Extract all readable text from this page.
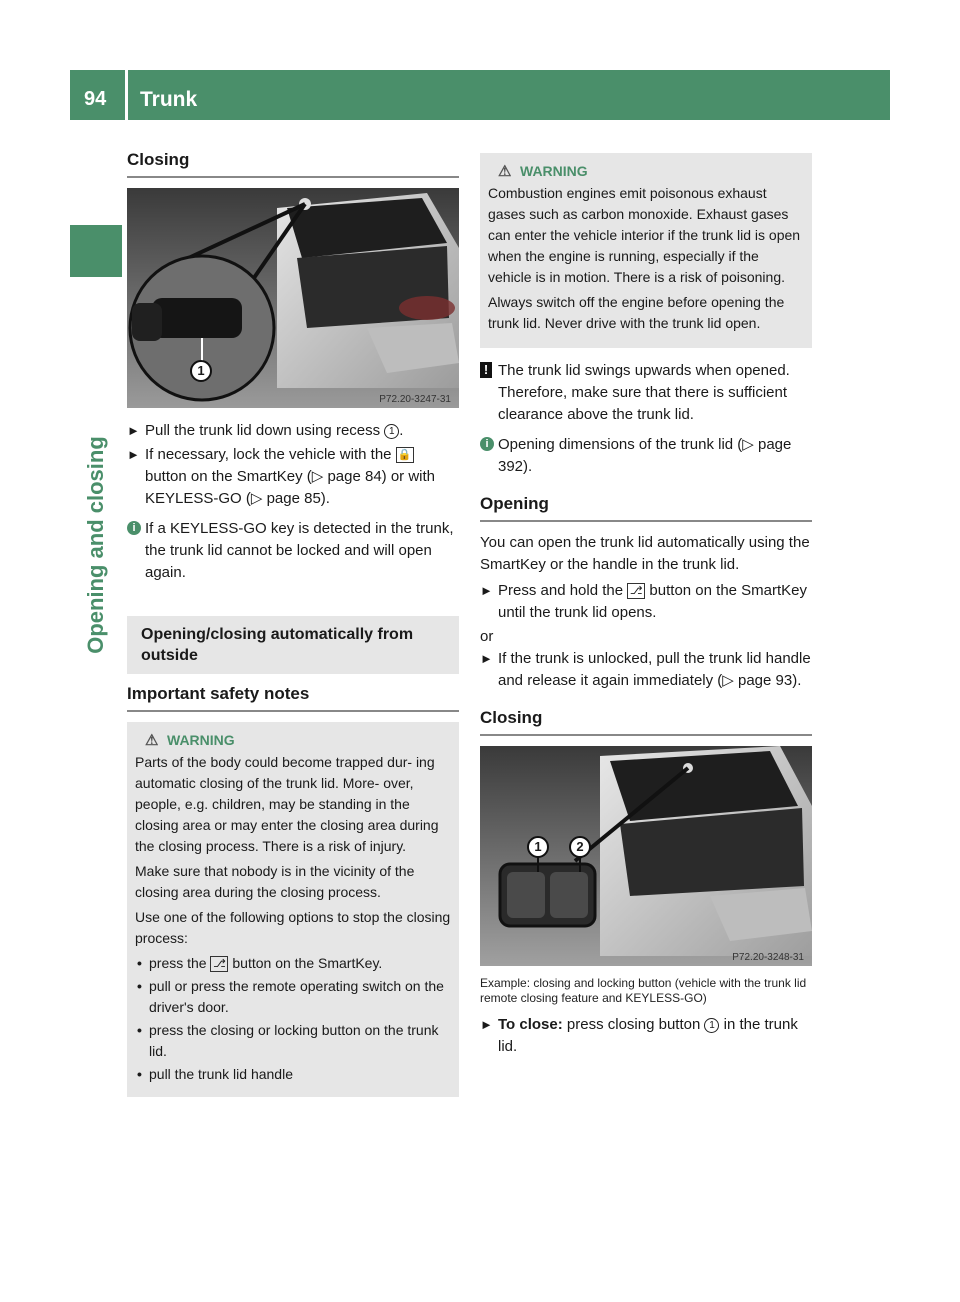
94 Trunk
Opening and closing
Closing
1
P72.20-3247-31
► Pull the trunk lid down using recess 1 .
► If necessary, lock the vehicle with the 🔒 button on the SmartKey (▷ page 84) or with KEYLESS-GO (▷ page 85).
i If a KEYLESS-GO key is detected in the trunk, the trunk lid cannot be locked and will open again.
Opening/closing automatically from outside
Important safety notes
⚠ WARNING

Parts of the body could become trapped dur- ing automatic closing of the trunk lid. More- over, people, e.g. children, may be standing in the closing area or may enter the closing area during the closing process. There is a risk of injury.

Make sure that nobody is in the vicinity of the closing area during the closing process.

Use one of the following options to stop the closing process:

• press the ⎇ button on the SmartKey.
• pull or press the remote operating switch on the driver's door.
• press the closing or locking button on the trunk lid.
• pull the trunk lid handle
⚠ WARNING

Combustion engines emit poisonous exhaust gases such as carbon monoxide. Exhaust gases can enter the vehicle interior if the trunk lid is open when the engine is running, especially if the vehicle is in motion. There is a risk of poisoning.

Always switch off the engine before opening the trunk lid. Never drive with the trunk lid open.

! The trunk lid swings upwards when opened. Therefore, make sure that there is sufficient clearance above the trunk lid.
i Opening dimensions of the trunk lid (▷ page 392).
Opening
You can open the trunk lid automatically using the SmartKey or the handle in the trunk lid.
► Press and hold the ⎇ button on the SmartKey until the trunk lid opens.
or
► If the trunk is unlocked, pull the trunk lid handle and release it again immediately (▷ page 93).
Closing
1	2
P72.20-3248-31
Example: closing and locking button (vehicle with the trunk lid remote closing feature and KEYLESS-GO)
► To close: press closing button 1 in the trunk lid.
